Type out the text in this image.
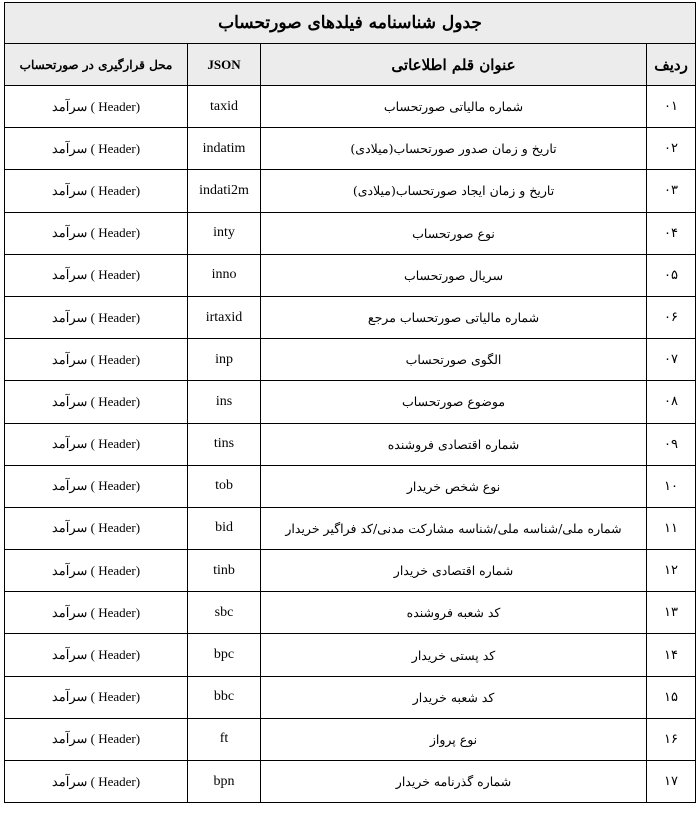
جدول شناسنامه فیلدهای صورتحساب			
ردیف	عنوان قلم اطلاعاتی	JSON	محل قرارگیری در صورتحساب
۰۱	شماره مالیاتی صورتحساب	taxid	(Header ) سرآمد
۰۲	تاریخ و زمان صدور صورتحساب(میلادی)	indatim	(Header ) سرآمد
۰۳	تاریخ و زمان ایجاد صورتحساب(میلادی)	indati2m	(Header ) سرآمد
۰۴	نوع صورتحساب	inty	(Header ) سرآمد
۰۵	سریال صورتحساب	inno	(Header ) سرآمد
۰۶	شماره مالیاتی صورتحساب مرجع	irtaxid	(Header ) سرآمد
۰۷	الگوی صورتحساب	inp	(Header ) سرآمد
۰۸	موضوع صورتحساب	ins	(Header ) سرآمد
۰۹	شماره اقتصادی فروشنده	tins	(Header ) سرآمد
۱۰	نوع شخص خریدار	tob	(Header ) سرآمد
۱۱	شماره ملی/شناسه ملی/شناسه مشارکت مدنی/کد فراگیر خریدار	bid	(Header ) سرآمد
۱۲	شماره اقتصادی خریدار	tinb	(Header ) سرآمد
۱۳	کد شعبه فروشنده	sbc	(Header ) سرآمد
۱۴	کد پستی خریدار	bpc	(Header ) سرآمد
۱۵	کد شعبه خریدار	bbc	(Header ) سرآمد
۱۶	نوع پرواز	ft	(Header ) سرآمد
۱۷	شماره گذرنامه خریدار	bpn	(Header ) سرآمد
